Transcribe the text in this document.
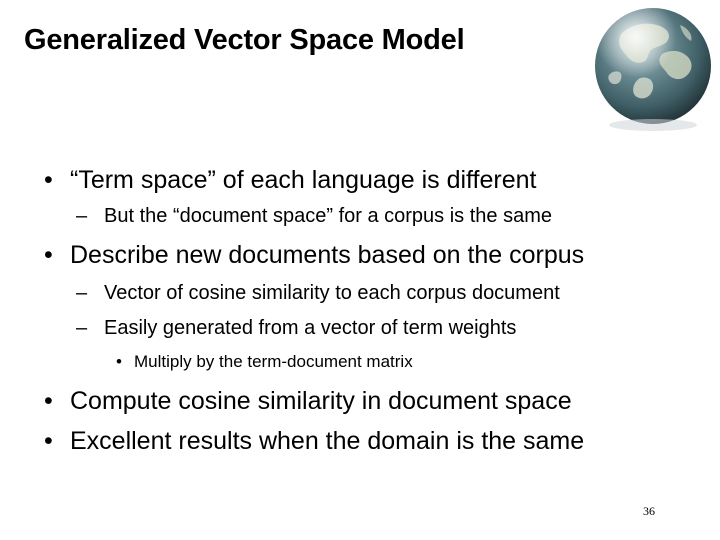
Generalized Vector Space Model
• “Term space” of each language is different
– But the “document space” for a corpus is the same
• Describe new documents based on the corpus
– Vector of cosine similarity to each corpus document
– Easily generated from a vector of term weights
• Multiply by the term-document matrix
• Compute cosine similarity in document space
• Excellent results when the domain is the same
36
